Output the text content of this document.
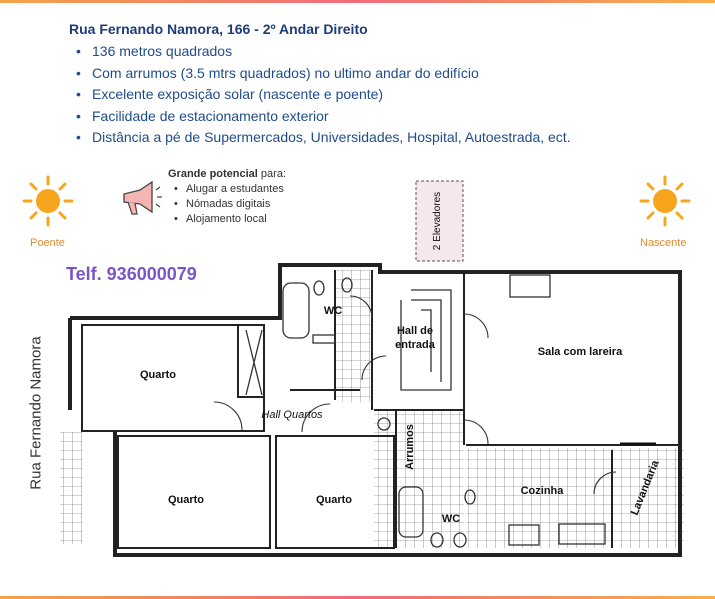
Rua Fernando Namora, 166 - 2º Andar Direito
• 136 metros quadrados
• Com arrumos (3.5 mtrs quadrados) no ultimo andar do edifício
• Excelente exposição solar (nascente e poente)
• Facilidade de estacionamento exterior
• Distância a pé de Supermercados, Universidades, Hospital, Autoestrada, ect.
Grande potencial para:
• Alugar a estudantes
• Nómadas digitais
• Alojamento local
Telf. 936000079
Poente	Nascente
Rua Fernando Namora
2 Elevadores
WC
Hall de
entrada
Sala com lareira
Quarto
Hall Quartos
Quarto	Quarto
Arrumos
WC
Cozinha	Lavandaria
